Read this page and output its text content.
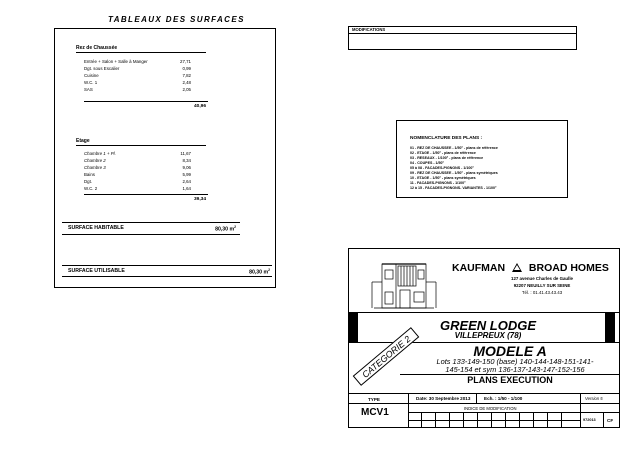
TABLEAUX DES SURFACES
Rez de Chaussée
Entrée + Salon + Salle à Manger	27,71
Dgt. sous Escalier	0,99
Cuisine	7,82
W.C. 1	2,48
SAS	2,05
40,96
Etage
Chambre 1 + Pl.	11,67
Chambre 2	8,34
Chambre 3	9,06
Bains	5,99
Dgt.	2,64
W.C. 2	1,64
39,34
SURFACE HABITABLE	80,30 $m^2$
SURFACE UTILISABLE	80,30 $m^2$
MODIFICATIONS
NOMENCLATURE DES PLANS :
01 - REZ DE CHAUSSEE - 1/50° - plans de référence
02 - ETAGE - 1/50° - plans de référence
03 - RESEAUX - 1/100° - plans de référence
04 - COUPES - 1/50°
05 à 08 - FACADES-PIGNONS - 1/100°
09 - REZ DE CHAUSSEE - 1/50° - plans symétriques
10 - ETAGE - 1/50° - plans symétriques
11 - FACADES-PIGNONS - 1/100°
12 à 15 - FACADES-PIGNONS- VARIANTES - 1/100°
KAUFMAN BROAD HOMES
127 avenue Charles de Gaulle
92207 NEUILLY SUR SEINE
Tél. : 01.41.43.43.43
GREEN LODGE
VILLEPREUX (78)
MODELE A
Lots 133-149-150 (base) 140-144-148-151-141-
145-154 et sym 136-137-143-147-152-156
PLANS EXECUTION
CATEGORIE 2
TYPE
MCV1
Date: 30 Septembre 2013	Ech. : 1/50 - 1/100	Version 5
INDICE DE MODIFICATION
972013 CF
